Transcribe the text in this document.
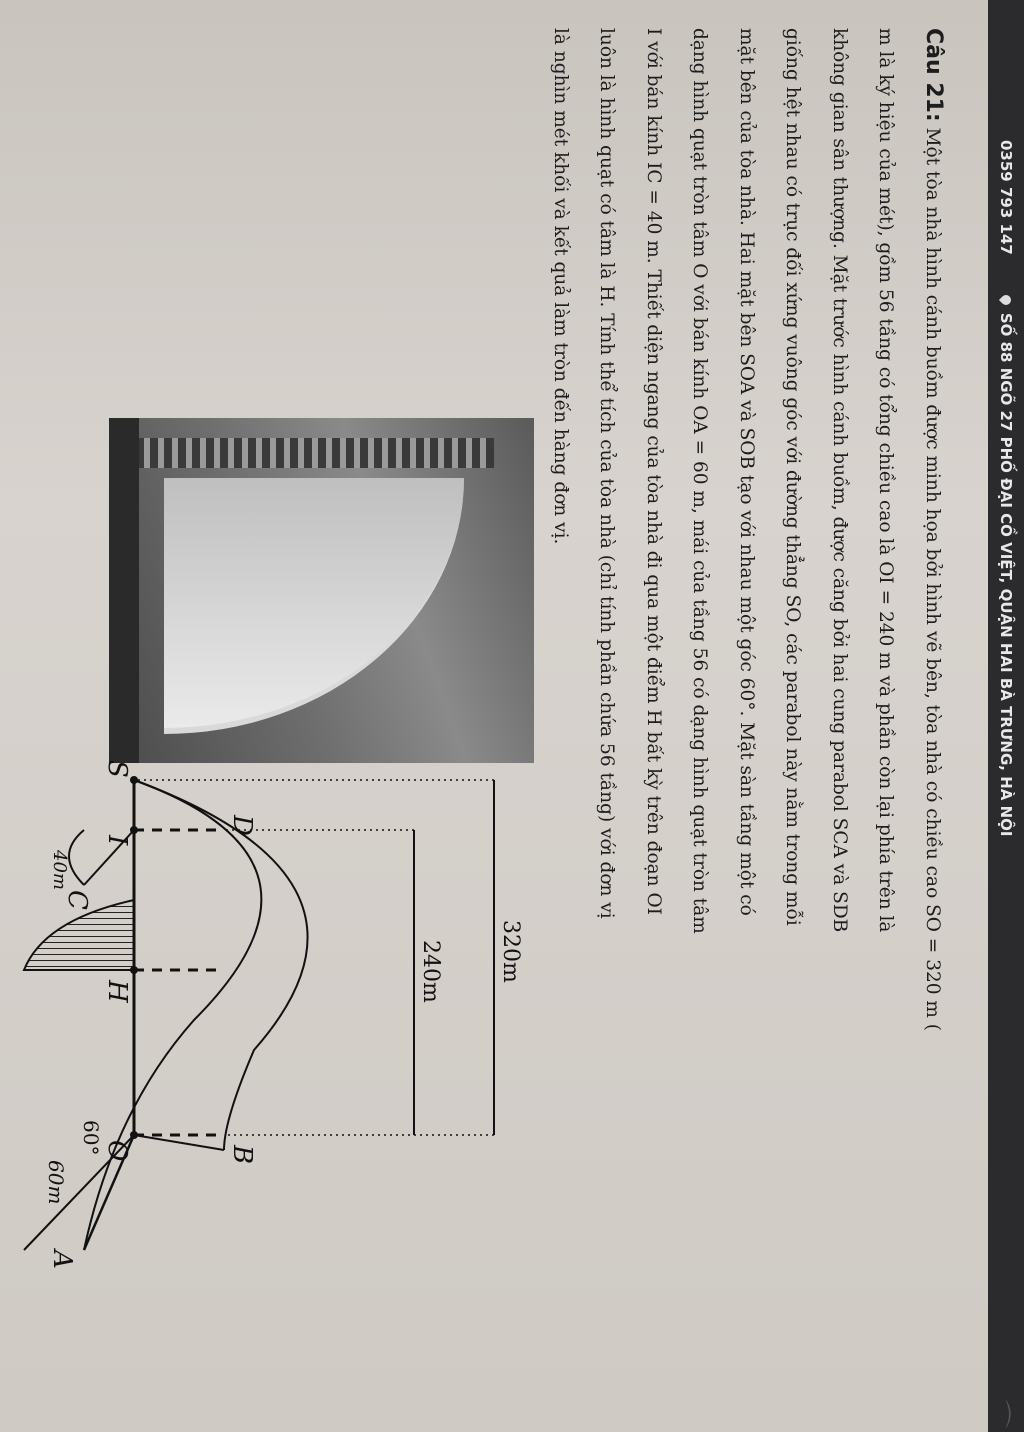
0359 793 147
SỐ 88 NGÕ 27 PHỐ ĐẠI CỒ VIỆT, QUẬN HAI BÀ TRƯNG, HÀ NỘI
⌒
Câu 21: Một tòa nhà hình cánh buồm được minh họa bởi hình vẽ bên, tòa nhà có chiều cao SO = 320 m (
m là ký hiệu của mét), gồm 56 tầng có tổng chiều cao là OI = 240 m và phần còn lại phía trên là
không gian sân thượng. Mặt trước hình cánh buồm, được căng bởi hai cung parabol SCA và SDB
giống hệt nhau có trục đối xứng vuông góc với đường thẳng SO, các parabol này nằm trong mỗi
mặt bên của tòa nhà. Hai mặt bên SOA và SOB tạo với nhau một góc 60°. Mặt sàn tầng một có
dạng hình quạt tròn tâm O với bán kính OA = 60 m, mái của tầng 56 có dạng hình quạt tròn tâm
I với bán kính IC = 40 m. Thiết diện ngang của tòa nhà đi qua một điểm H bất kỳ trên đoạn OI
luôn là hình quạt có tâm là H. Tính thể tích của tòa nhà (chỉ tính phần chứa 56 tầng) với đơn vị
là nghìn mét khối và kết quả làm tròn đến hàng đơn vị.
S
I
H
O
A
B
C
D
60°
60m
40m
240m	320m
